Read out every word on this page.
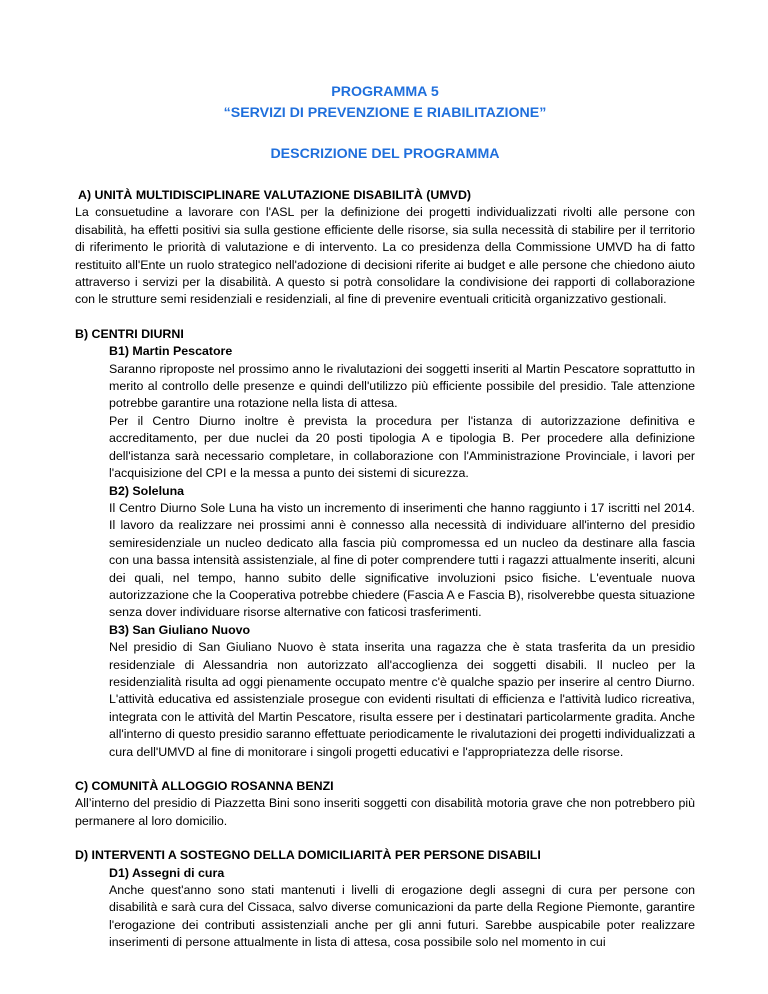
PROGRAMMA 5

“SERVIZI DI PREVENZIONE E RIABILITAZIONE”

DESCRIZIONE DEL PROGRAMMA

A) UNITÀ MULTIDISCIPLINARE VALUTAZIONE DISABILITÀ (UMVD)

La consuetudine a lavorare con l'ASL per la definizione dei progetti individualizzati rivolti alle persone con disabilità, ha effetti positivi sia sulla gestione efficiente delle risorse, sia sulla necessità di stabilire per il territorio di riferimento le priorità di valutazione e di intervento. La co presidenza della Commissione UMVD ha di fatto restituito all'Ente un ruolo strategico nell'adozione di decisioni riferite ai budget e alle persone che chiedono aiuto attraverso i servizi per la disabilità. A questo si potrà consolidare la condivisione dei rapporti di collaborazione con le strutture semi residenziali e residenziali, al fine di prevenire eventuali criticità organizzativo gestionali.

B) CENTRI DIURNI

B1) Martin Pescatore

Saranno riproposte nel prossimo anno le rivalutazioni dei soggetti inseriti al Martin Pescatore soprattutto in merito al controllo delle presenze e quindi dell'utilizzo più efficiente possibile del presidio. Tale attenzione potrebbe garantire una rotazione nella lista di attesa.

Per il Centro Diurno inoltre è prevista la procedura per l'istanza di autorizzazione definitiva e accreditamento, per due nuclei da 20 posti tipologia A e tipologia B. Per procedere alla definizione dell'istanza sarà necessario completare, in collaborazione con l'Amministrazione Provinciale, i lavori per l'acquisizione del CPI e la messa a punto dei sistemi di sicurezza.

B2) Soleluna

Il Centro Diurno Sole Luna ha visto un incremento di inserimenti che hanno raggiunto i 17 iscritti nel 2014. Il lavoro da realizzare nei prossimi anni è connesso alla necessità di individuare all'interno del presidio semiresidenziale un nucleo dedicato alla fascia più compromessa ed un nucleo da destinare alla fascia con una bassa intensità assistenziale, al fine di poter comprendere tutti i ragazzi attualmente inseriti, alcuni dei quali, nel tempo, hanno subito delle significative involuzioni psico fisiche. L'eventuale nuova autorizzazione che la Cooperativa potrebbe chiedere (Fascia A e Fascia B), risolverebbe questa situazione senza dover individuare risorse alternative con faticosi trasferimenti.

B3) San Giuliano Nuovo

Nel presidio di San Giuliano Nuovo è stata inserita una ragazza che è stata trasferita da un presidio residenziale di Alessandria non autorizzato all'accoglienza dei soggetti disabili. Il nucleo per la residenzialità risulta ad oggi pienamente occupato mentre c'è qualche spazio per inserire al centro Diurno. L'attività educativa ed assistenziale prosegue con evidenti risultati di efficienza e l'attività ludico ricreativa, integrata con le attività del Martin Pescatore, risulta essere per i destinatari particolarmente gradita. Anche all'interno di questo presidio saranno effettuate periodicamente le rivalutazioni dei progetti individualizzati a cura dell'UMVD al fine di monitorare i singoli progetti educativi e l'appropriatezza delle risorse.

C) COMUNITÀ ALLOGGIO ROSANNA BENZI

All’interno del presidio di Piazzetta Bini sono inseriti soggetti con disabilità motoria grave che non potrebbero più permanere al loro domicilio.

D) INTERVENTI A SOSTEGNO DELLA DOMICILIARITÀ PER PERSONE DISABILI

D1) Assegni di cura

Anche quest'anno sono stati mantenuti i livelli di erogazione degli assegni di cura per persone con disabilità e sarà cura del Cissaca, salvo diverse comunicazioni da parte della Regione Piemonte, garantire l'erogazione dei contributi assistenziali anche per gli anni futuri. Sarebbe auspicabile poter realizzare inserimenti di persone attualmente in lista di attesa, cosa possibile solo nel momento in cui
